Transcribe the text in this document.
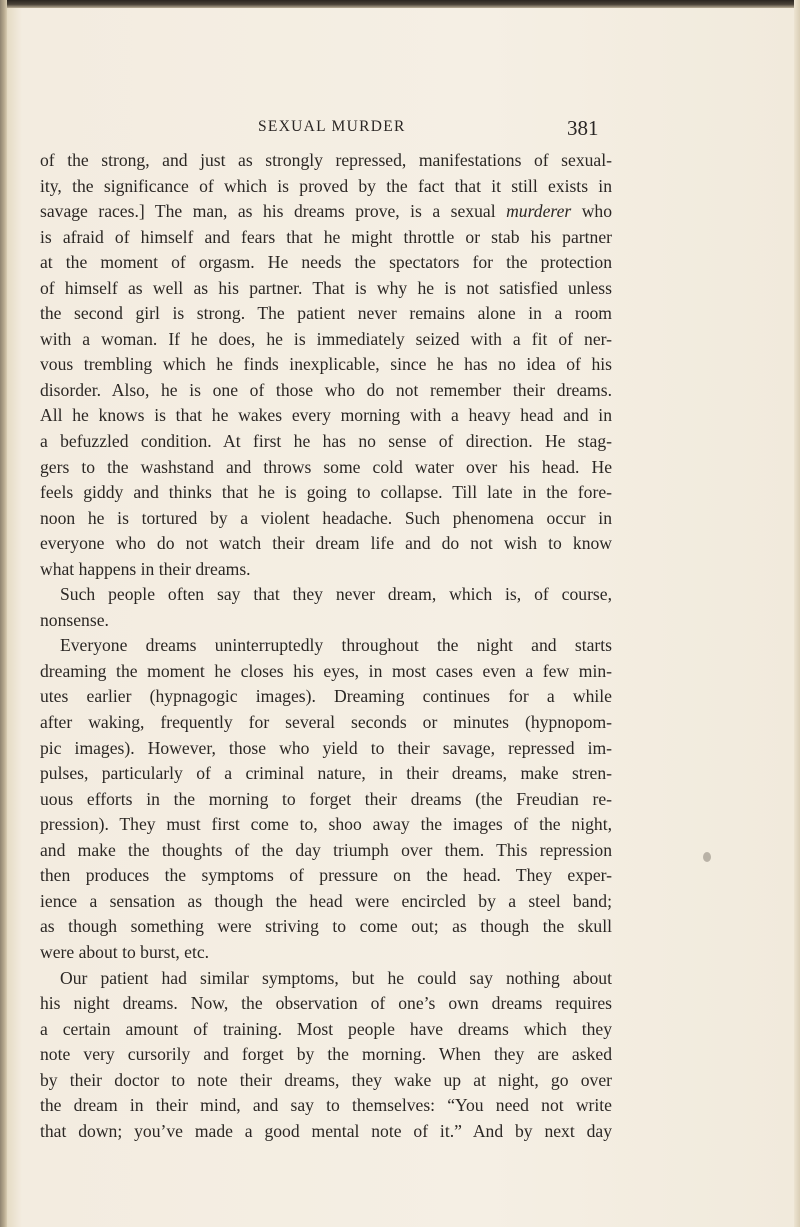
SEXUAL MURDER	381
of the strong, and just as strongly repressed, manifestations of sexual-
ity, the significance of which is proved by the fact that it still exists in
savage races.] The man, as his dreams prove, is a sexual murderer who
is afraid of himself and fears that he might throttle or stab his partner
at the moment of orgasm. He needs the spectators for the protection
of himself as well as his partner. That is why he is not satisfied unless
the second girl is strong. The patient never remains alone in a room
with a woman. If he does, he is immediately seized with a fit of ner-
vous trembling which he finds inexplicable, since he has no idea of his
disorder. Also, he is one of those who do not remember their dreams.
All he knows is that he wakes every morning with a heavy head and in
a befuzzled condition. At first he has no sense of direction. He stag-
gers to the washstand and throws some cold water over his head. He
feels giddy and thinks that he is going to collapse. Till late in the fore-
noon he is tortured by a violent headache. Such phenomena occur in
everyone who do not watch their dream life and do not wish to know
what happens in their dreams.
Such people often say that they never dream, which is, of course,
nonsense.
Everyone dreams uninterruptedly throughout the night and starts
dreaming the moment he closes his eyes, in most cases even a few min-
utes earlier (hypnagogic images). Dreaming continues for a while
after waking, frequently for several seconds or minutes (hypnopom-
pic images). However, those who yield to their savage, repressed im-
pulses, particularly of a criminal nature, in their dreams, make stren-
uous efforts in the morning to forget their dreams (the Freudian re-
pression). They must first come to, shoo away the images of the night,
and make the thoughts of the day triumph over them. This repression
then produces the symptoms of pressure on the head. They exper-
ience a sensation as though the head were encircled by a steel band;
as though something were striving to come out; as though the skull
were about to burst, etc.
Our patient had similar symptoms, but he could say nothing about
his night dreams. Now, the observation of one’s own dreams requires
a certain amount of training. Most people have dreams which they
note very cursorily and forget by the morning. When they are asked
by their doctor to note their dreams, they wake up at night, go over
the dream in their mind, and say to themselves: “You need not write
that down; you’ve made a good mental note of it.” And by next day
